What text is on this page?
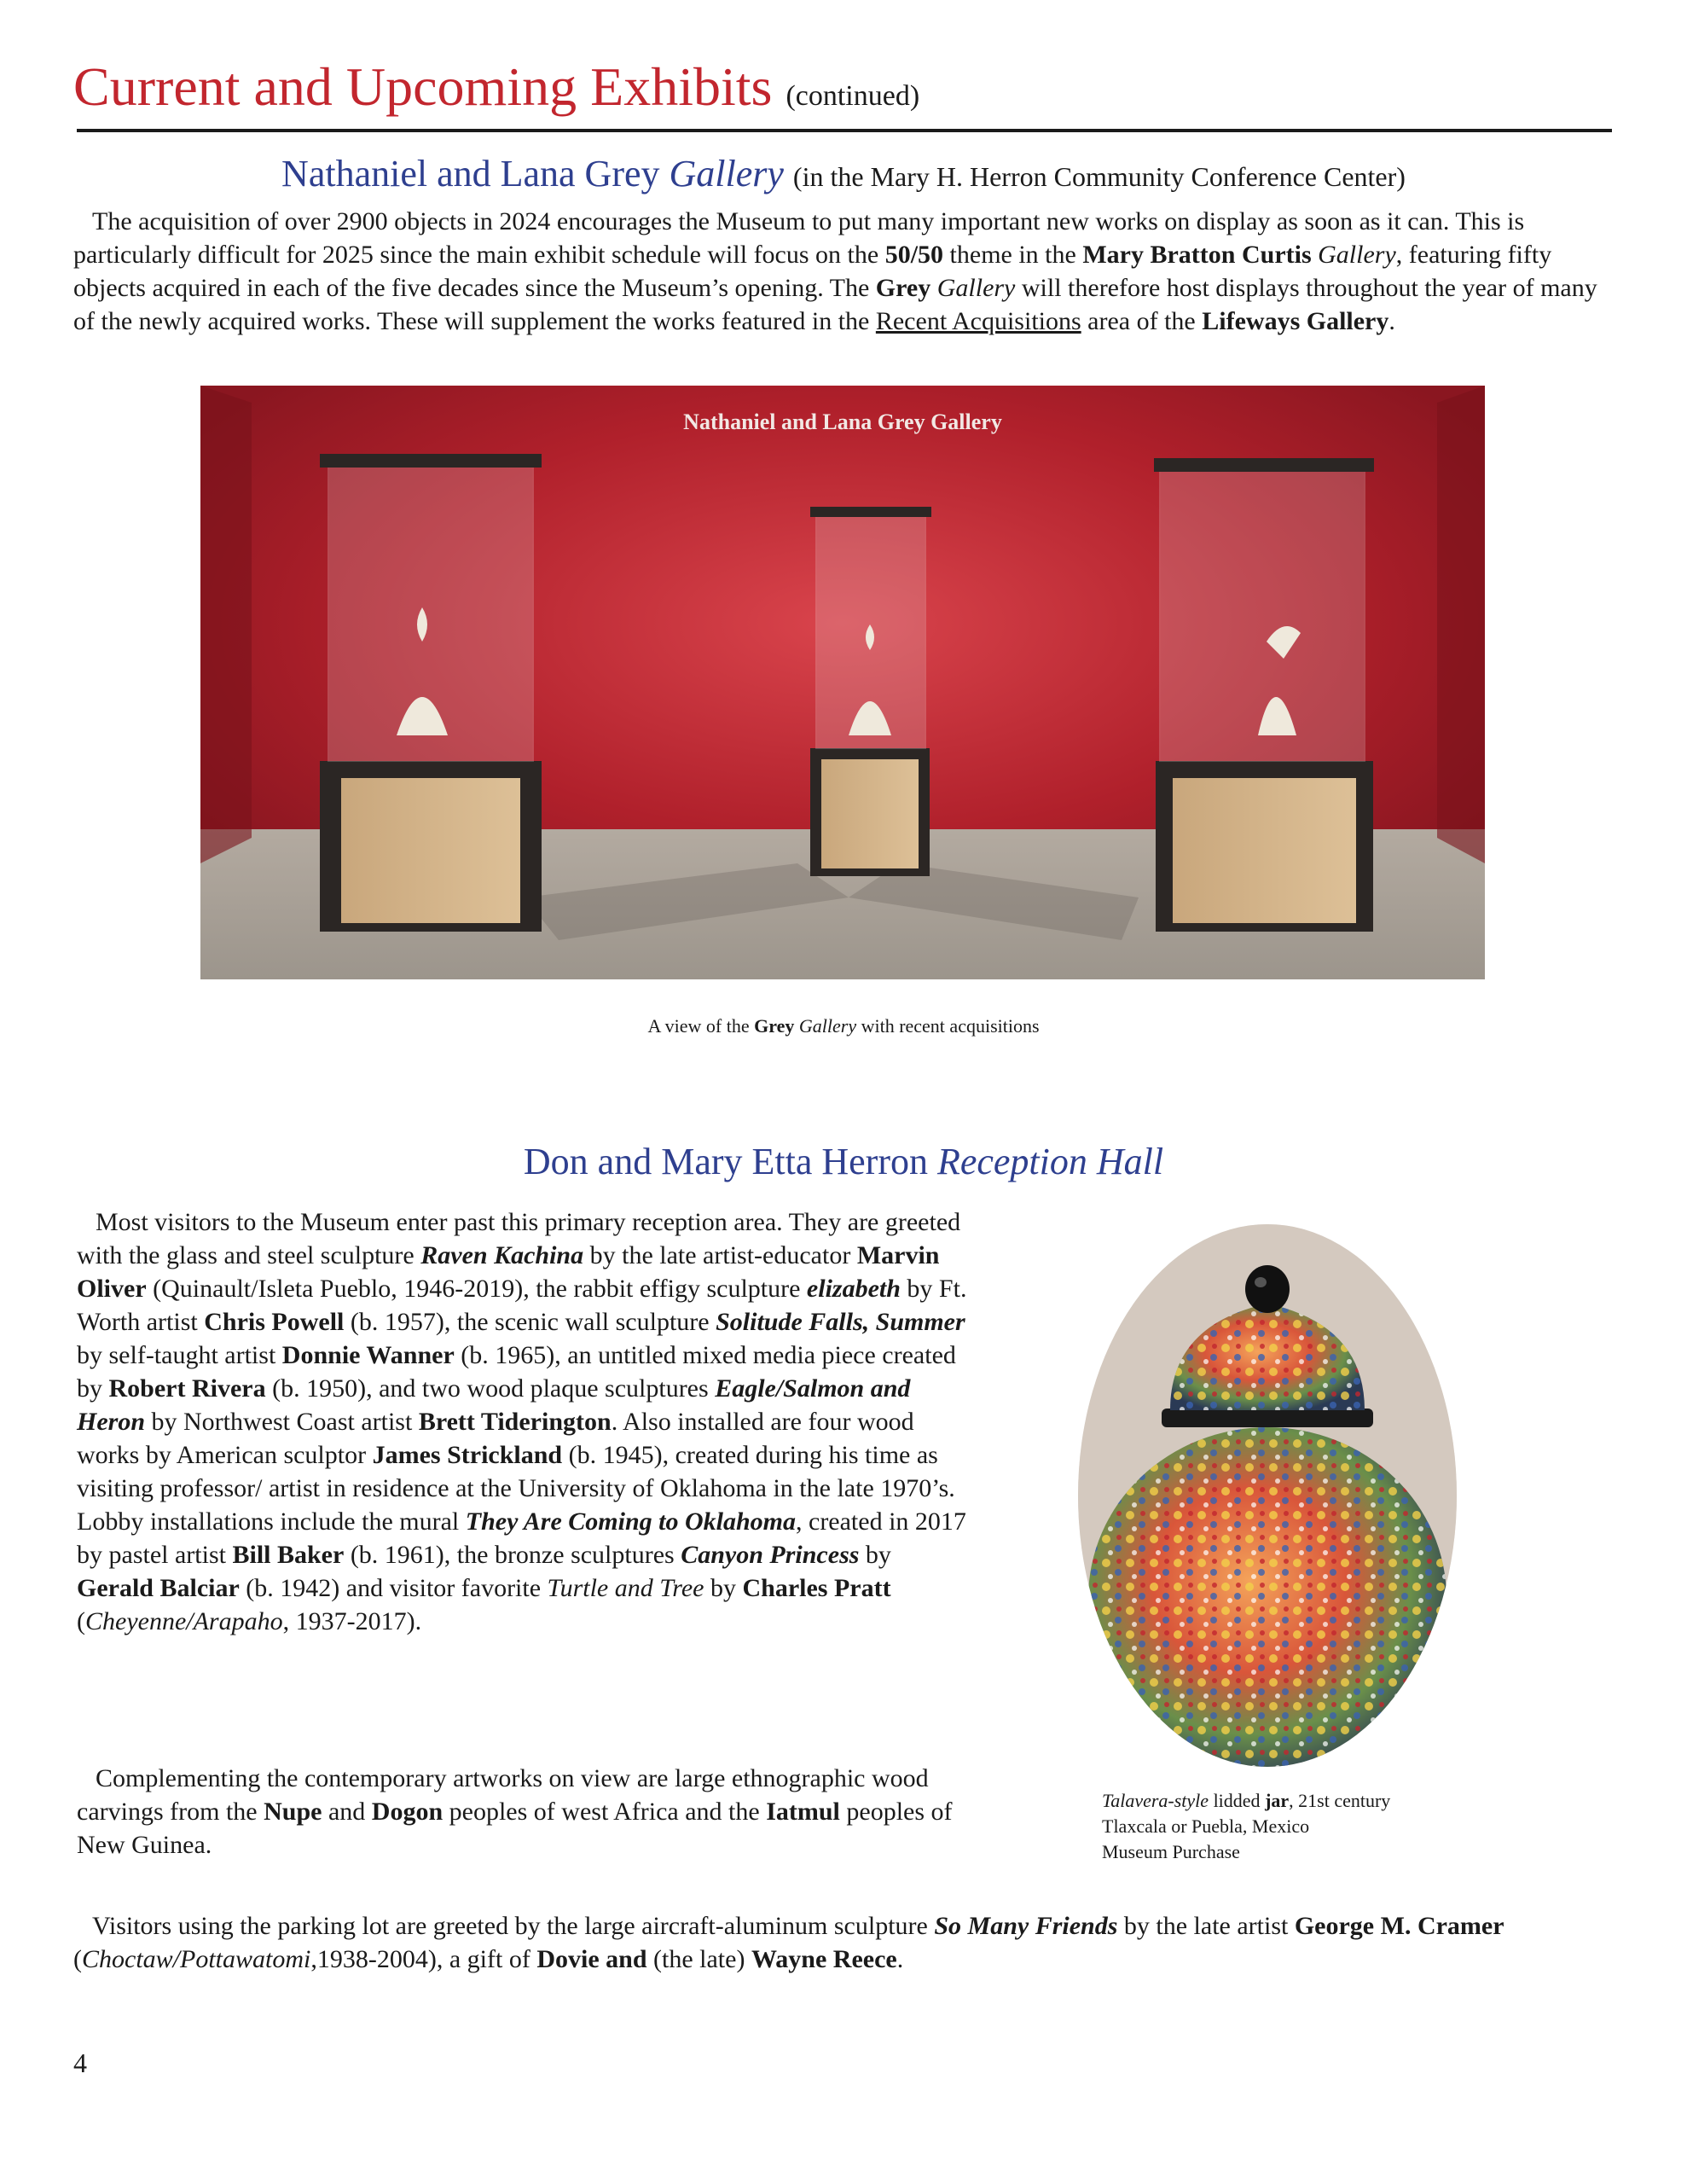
Current and Upcoming Exhibits (continued)
Nathaniel and Lana Grey Gallery (in the Mary H. Herron Community Conference Center)

The acquisition of over 2900 objects in 2024 encourages the Museum to put many important new works on display as soon as it can. This is particularly difficult for 2025 since the main exhibit schedule will focus on the 50/50 theme in the Mary Bratton Curtis Gallery, featuring fifty objects acquired in each of the five decades since the Museum’s opening. The Grey Gallery will therefore host displays throughout the year of many of the newly acquired works. These will supplement the works featured in the Recent Acquisitions area of the Lifeways Gallery.

Nathaniel and Lana Grey Gallery

A view of the Grey Gallery with recent acquisitions

Don and Mary Etta Herron Reception Hall

Most visitors to the Museum enter past this primary reception area. They are greeted with the glass and steel sculpture Raven Kachina by the late artist-educator Marvin Oliver (Quinault/Isleta Pueblo, 1946-2019), the rabbit effigy sculpture elizabeth by Ft. Worth artist Chris Powell (b. 1957), the scenic wall sculpture Solitude Falls, Summer by self-taught artist Donnie Wanner (b. 1965), an untitled mixed media piece created by Robert Rivera (b. 1950), and two wood plaque sculptures Eagle/Salmon and Heron by Northwest Coast artist Brett Tiderington. Also installed are four wood works by American sculptor James Strickland (b. 1945), created during his time as visiting professor/ artist in residence at the University of Oklahoma in the late 1970’s. Lobby installations include the mural They Are Coming to Oklahoma, created in 2017 by pastel artist Bill Baker (b. 1961), the bronze sculptures Canyon Princess by Gerald Balciar (b. 1942) and visitor favorite Turtle and Tree by Charles Pratt (Cheyenne/Arapaho, 1937-2017).

Complementing the contemporary artworks on view are large ethnographic wood carvings from the Nupe and Dogon peoples of west Africa and the Iatmul peoples of New Guinea.

Visitors using the parking lot are greeted by the large aircraft-aluminum sculpture So Many Friends by the late artist George M. Cramer (Choctaw/Pottawatomi,1938-2004), a gift of Dovie and (the late) Wayne Reece.

Talavera-style lidded jar, 21st century
Tlaxcala or Puebla, Mexico
Museum Purchase

4
